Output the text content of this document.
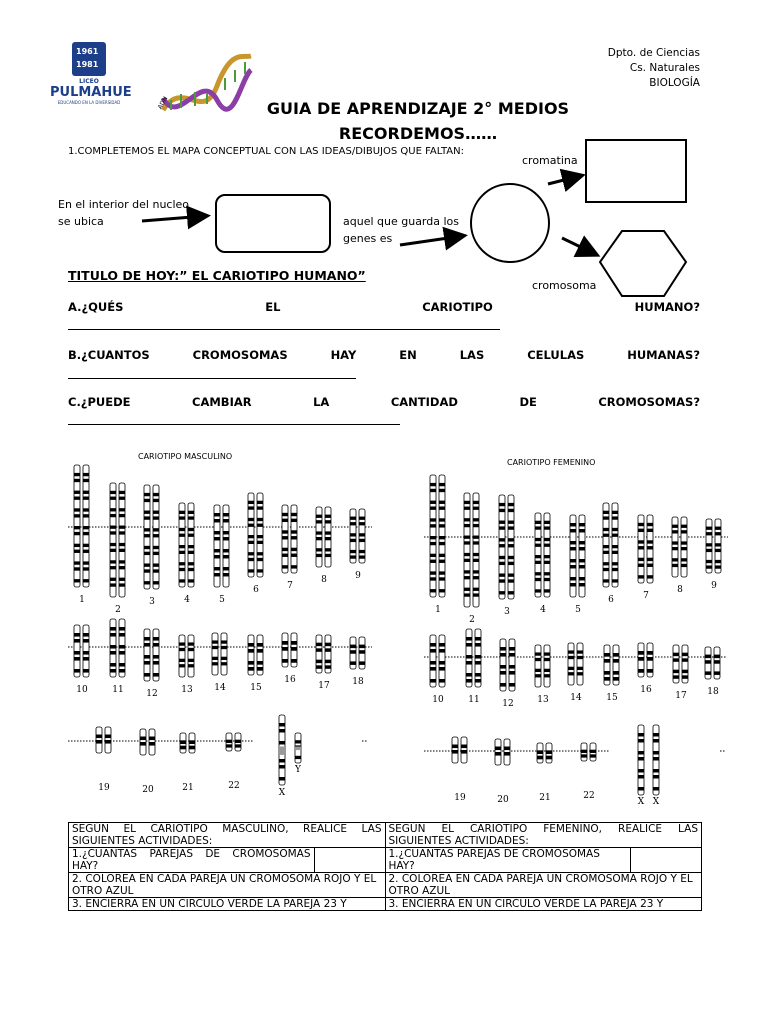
1961
1981
LICEO
PULMAHUE
EDUCANDO EN LA DIVERSIDAD	ADN
Dpto. de Ciencias
Cs. Naturales
BIOLOGÍA
GUIA DE APRENDIZAJE 2° MEDIOS
RECORDEMOS……
1.COMPLETEMOS EL MAPA CONCEPTUAL CON LAS IDEAS/DIBUJOS QUE FALTAN:
En el interior del nucleo
se ubica	aquel que guarda los
genes es
cromatina
cromosoma
TITULO DE HOY:” EL CARIOTIPO HUMANO”
A.¿QUÉS	EL	CARIOTIPO	HUMANO?
B.¿CUANTOS	CROMOSOMAS	HAY	EN	LAS	CELULAS	HUMANAS?
C.¿PUEDE	CAMBIAR	LA	CANTIDAD	DE	CROMOSOMAS?
CARIOTIPO MASCULINO
CARIOTIPO FEMENINO
1
2
3	4	5
6	7
8	9
10	11	12	13 14	15
16
17	18
19	20	21	22
X
Y
1
2
3	4	5
6	7
8	9
10	11	12	13 14	15
16
17 18
19	20	21	22
X X
SEGÚN EL CARIOTIPO MASCULINO, REALICE LAS SIGUIENTES ACTIVIDADES:	SEGÚN EL CARIOTIPO FEMENINO, REALICE LAS SIGUIENTES ACTIVIDADES:

1.¿CUANTAS PAREJAS DE CROMOSOMAS HAY?	1.¿CUANTAS PAREJAS DE CROMOSOMAS HAY?

2. COLOREA EN CADA PAREJA UN CROMOSOMA ROJO Y EL OTRO AZUL	2. COLOREA EN CADA PAREJA UN CROMOSOMA ROJO Y EL OTRO AZUL
3. ENCIERRA EN UN CIRCULO VERDE LA PAREJA 23 Y	3. ENCIERRA EN UN CIRCULO VERDE LA PAREJA 23 Y
